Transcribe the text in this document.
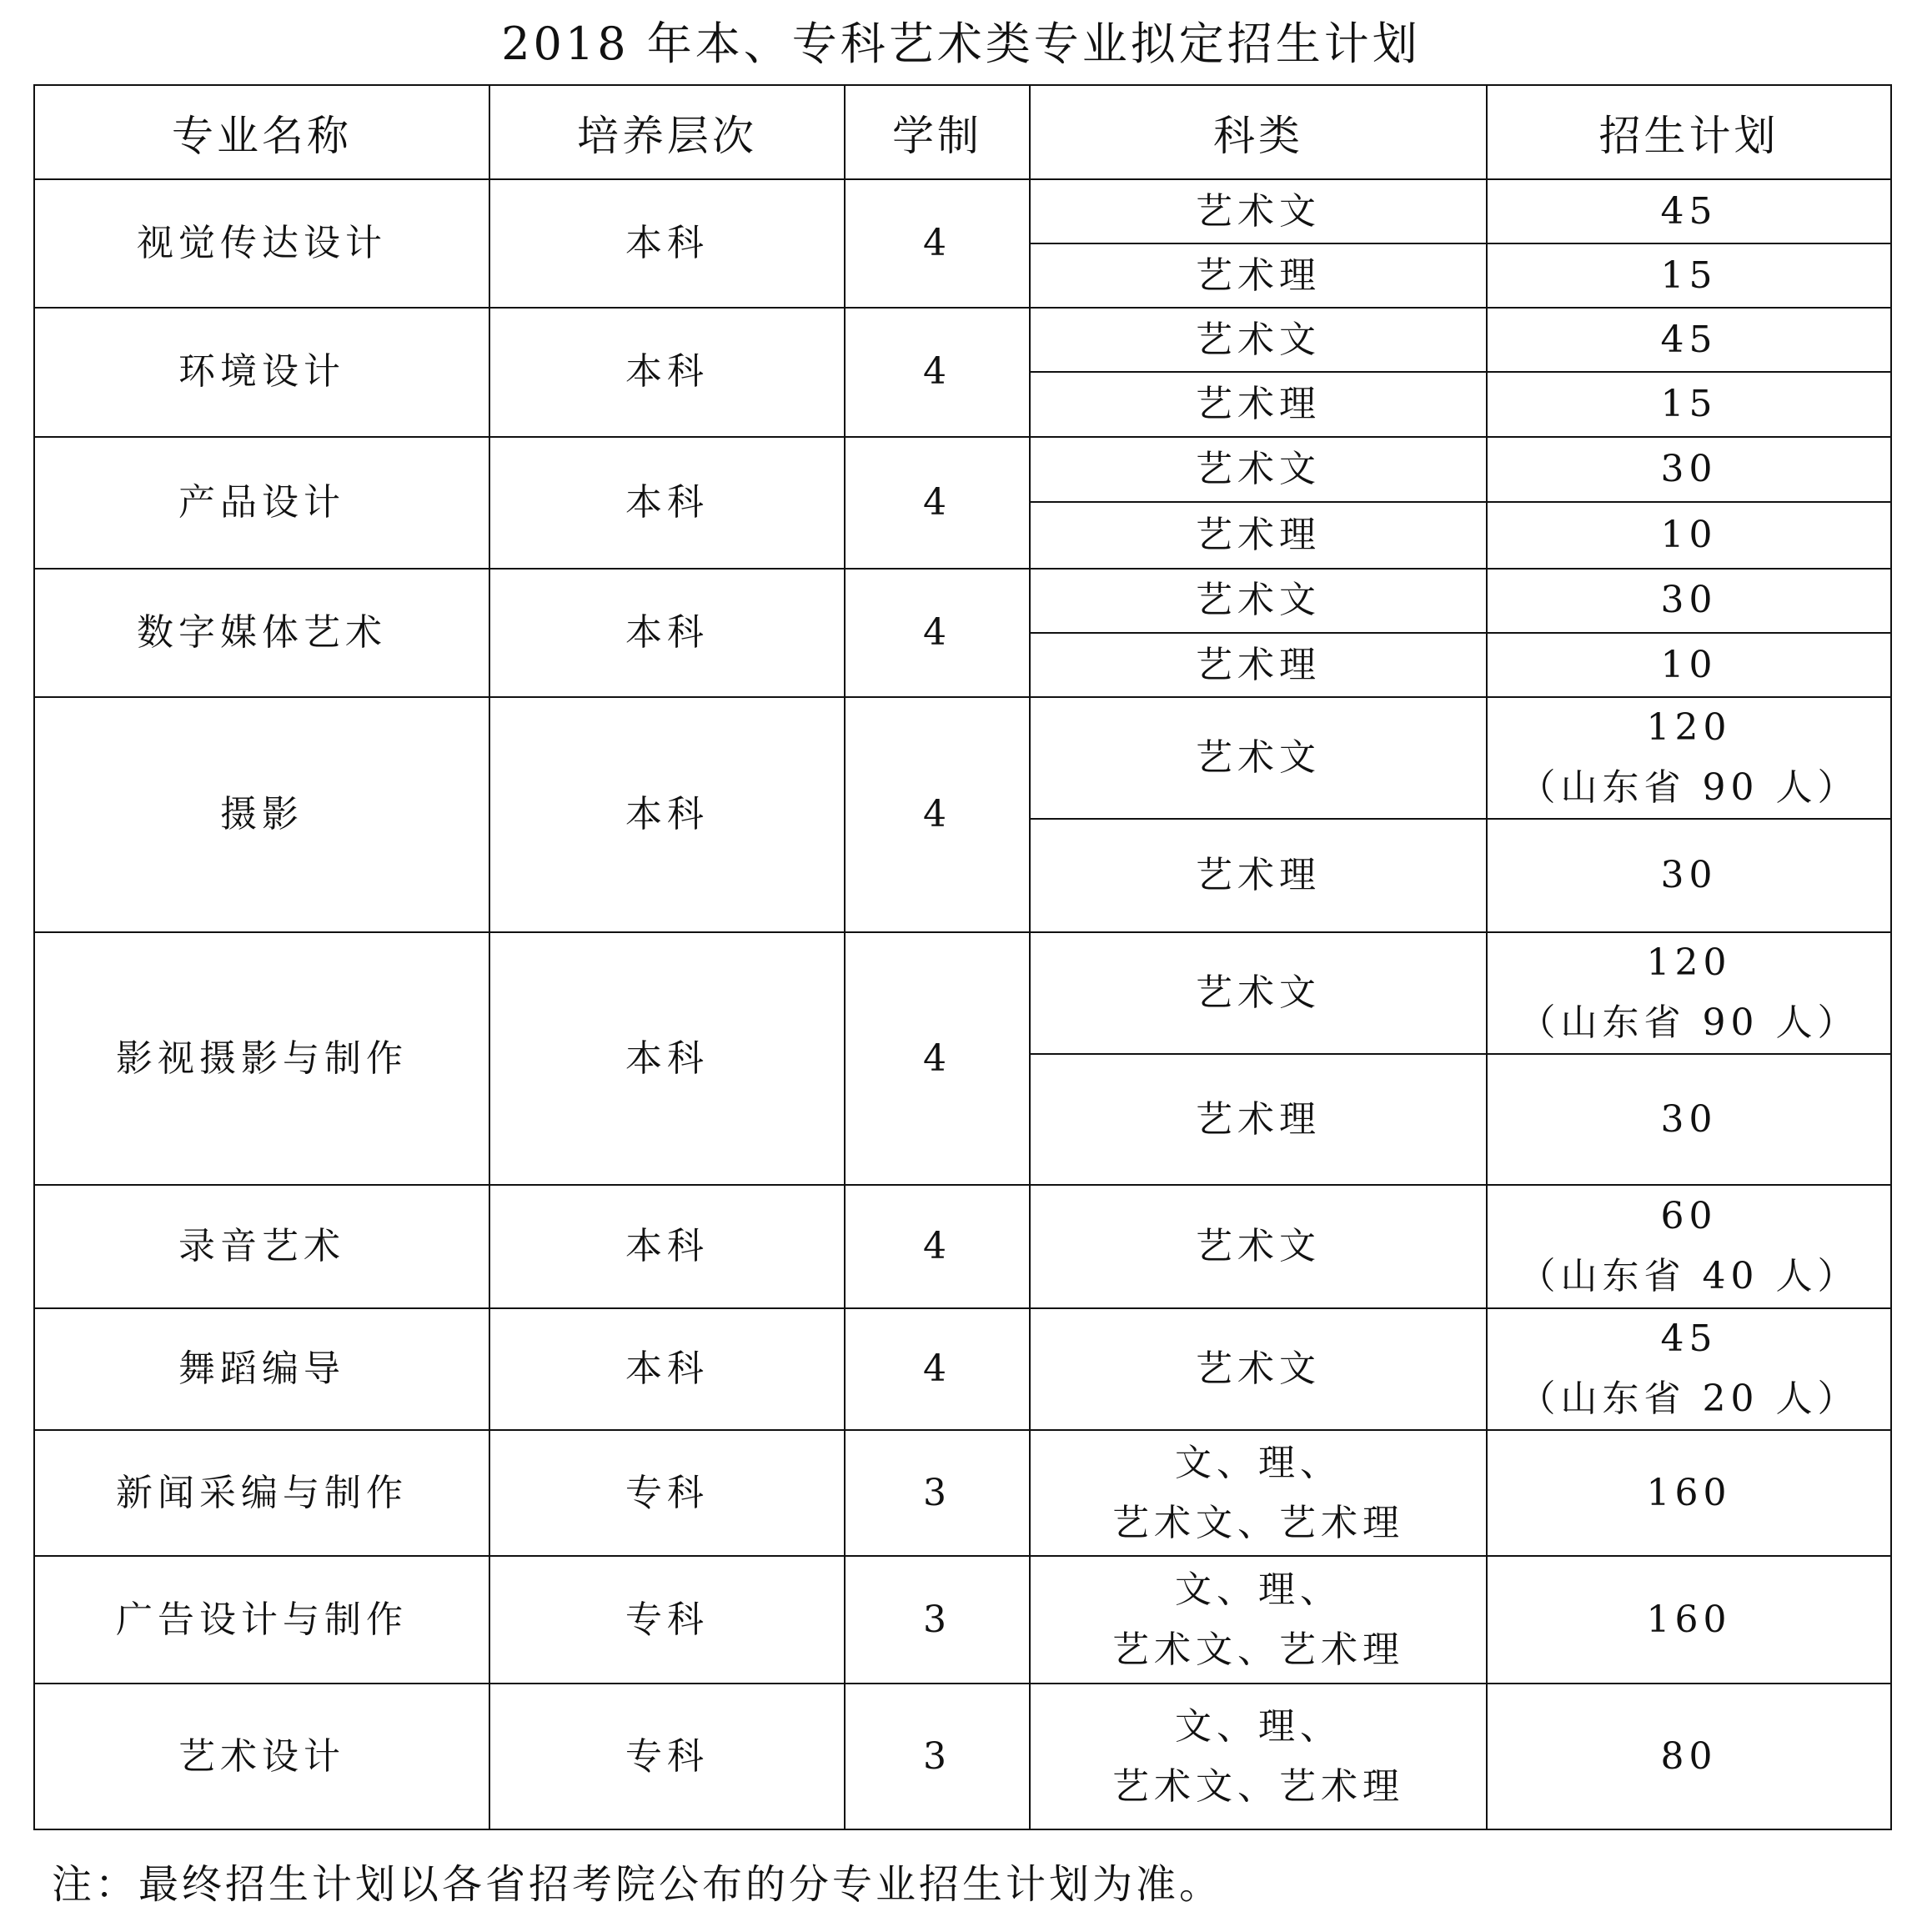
2018 年本、专科艺术类专业拟定招生计划
专业名称	培养层次	学制	科类	招生计划
视觉传达设计	本科	4	艺术文	45

			艺术理	15

环境设计	本科	4	艺术文	45

			艺术理	15

产品设计	本科	4	艺术文	30

			艺术理	10

数字媒体艺术	本科	4	艺术文	30

			艺术理	10

摄影	本科	4	艺术文	120
（山东省 90 人）

			艺术理	30

影视摄影与制作	本科	4	艺术文	120
（山东省 90 人）

			艺术理	30

录音艺术	本科	4	艺术文	60
（山东省 40 人）

舞蹈编导	本科	4	艺术文	45
（山东省 20 人）

新闻采编与制作	专科	3	文、理、
艺术文、艺术理	160

广告设计与制作	专科	3	文、理、
艺术文、艺术理	160

艺术设计	专科	3	文、理、
艺术文、艺术理	80
注：最终招生计划以各省招考院公布的分专业招生计划为准。
